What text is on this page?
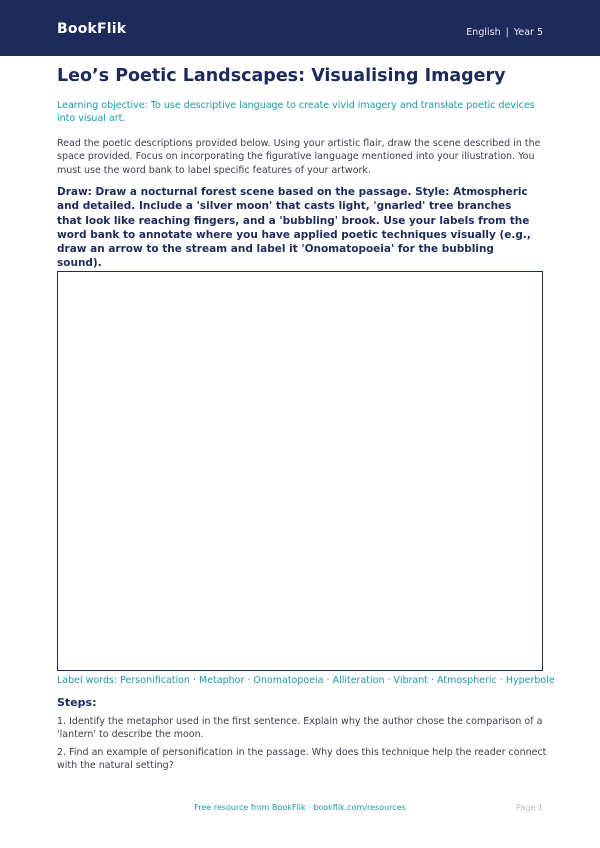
BookFlik	English | Year 5
Leo’s Poetic Landscapes: Visualising Imagery

Learning objective: To use descriptive language to create vivid imagery and translate poetic devices into visual art.

Read the poetic descriptions provided below. Using your artistic flair, draw the scene described in the space provided. Focus on incorporating the figurative language mentioned into your illustration. You must use the word bank to label specific features of your artwork.

Draw: Draw a nocturnal forest scene based on the passage. Style: Atmospheric and detailed. Include a 'silver moon' that casts light, 'gnarled' tree branches that look like reaching fingers, and a 'bubbling' brook. Use your labels from the word bank to annotate where you have applied poetic techniques visually (e.g., draw an arrow to the stream and label it 'Onomatopoeia' for the bubbling sound).

Label words: Personification · Metaphor · Onomatopoeia · Alliteration · Vibrant · Atmospheric · Hyperbole
Steps:
1. Identify the metaphor used in the first sentence. Explain why the author chose the comparison of a 'lantern' to describe the moon.
2. Find an example of personification in the passage. Why does this technique help the reader connect with the natural setting?
Free resource from BookFlik · bookflik.com/resources	Page 1
